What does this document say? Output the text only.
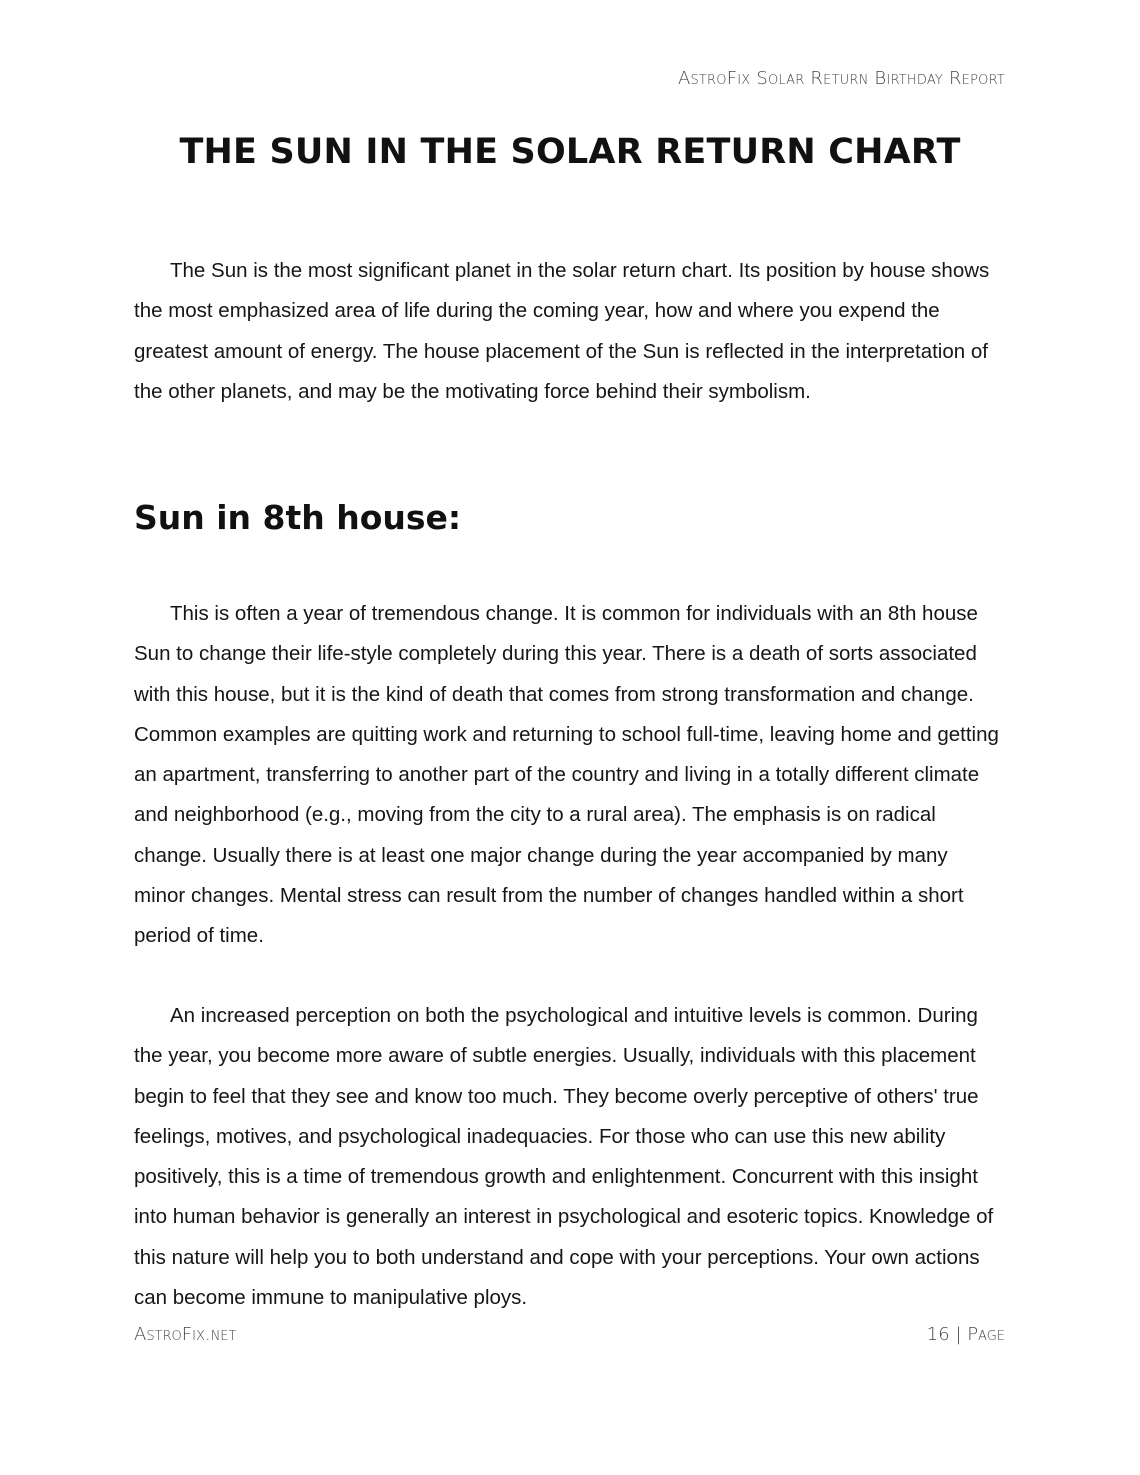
AstroFix Solar Return Birthday Report
THE SUN IN THE SOLAR RETURN CHART

The Sun is the most significant planet in the solar return chart. Its position by house shows the most emphasized area of life during the coming year, how and where you expend the greatest amount of energy. The house placement of the Sun is reflected in the interpretation of the other planets, and may be the motivating force behind their symbolism.

Sun in 8th house:

This is often a year of tremendous change. It is common for individuals with an 8th house Sun to change their life-style completely during this year. There is a death of sorts associated with this house, but it is the kind of death that comes from strong transformation and change. Common examples are quitting work and returning to school full-time, leaving home and getting an apartment, transferring to another part of the country and living in a totally different climate and neighborhood (e.g., moving from the city to a rural area). The emphasis is on radical change. Usually there is at least one major change during the year accompanied by many minor changes. Mental stress can result from the number of changes handled within a short period of time.

An increased perception on both the psychological and intuitive levels is common. During the year, you become more aware of subtle energies. Usually, individuals with this placement begin to feel that they see and know too much. They become overly perceptive of others' true feelings, motives, and psychological inadequacies. For those who can use this new ability positively, this is a time of tremendous growth and enlightenment. Concurrent with this insight into human behavior is generally an interest in psychological and esoteric topics. Knowledge of this nature will help you to both understand and cope with your perceptions. Your own actions can become immune to manipulative ploys.

AstroFix.net	16 | Page
